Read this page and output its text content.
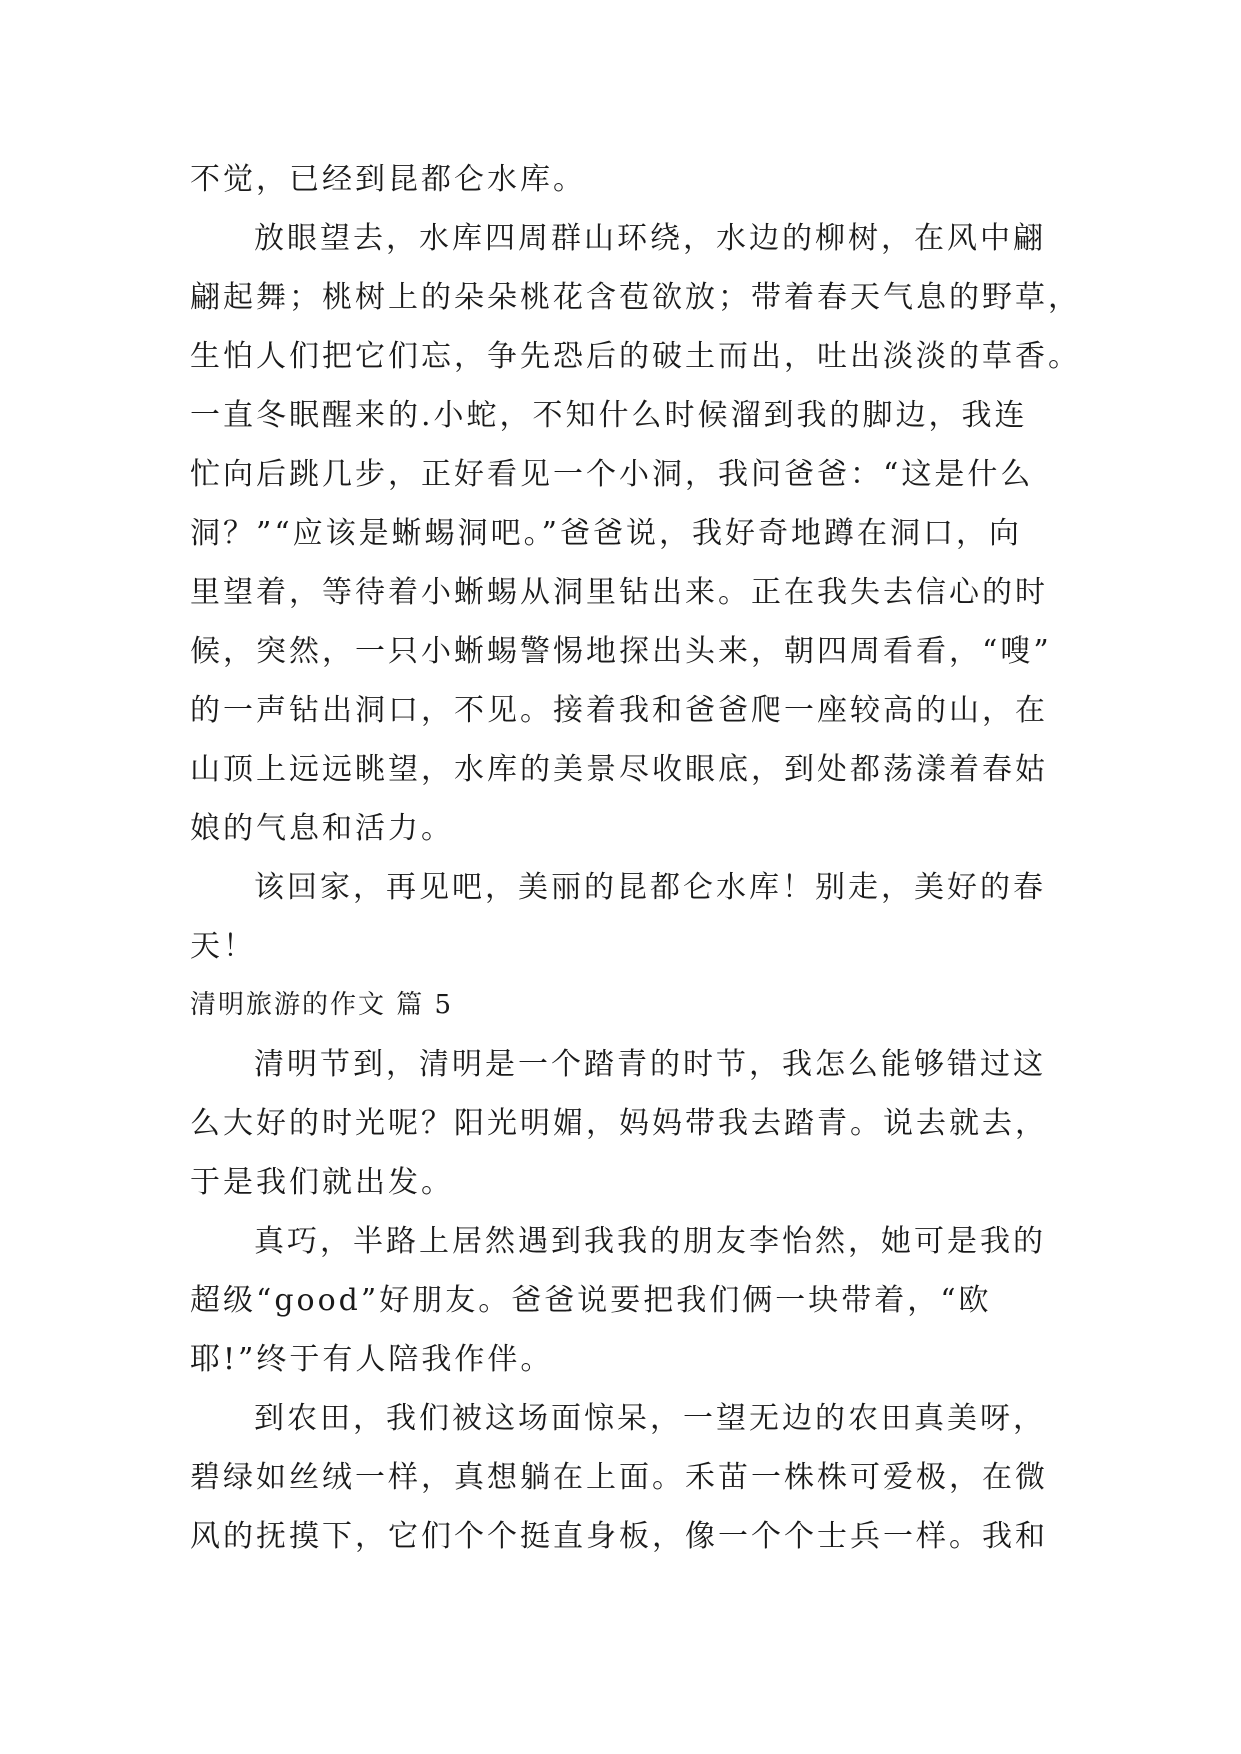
不觉，已经到昆都仑水库。
放眼望去，水库四周群山环绕，水边的柳树，在风中翩
翩起舞；桃树上的朵朵桃花含苞欲放；带着春天气息的野草，
生怕人们把它们忘，争先恐后的破土而出，吐出淡淡的草香。
一直冬眠醒来的.小蛇，不知什么时候溜到我的脚边，我连
忙向后跳几步，正好看见一个小洞，我问爸爸：“这是什么
洞？”“应该是蜥蜴洞吧。”爸爸说，我好奇地蹲在洞口，向
里望着，等待着小蜥蜴从洞里钻出来。正在我失去信心的时
候，突然，一只小蜥蜴警惕地探出头来，朝四周看看，“嗖”
的一声钻出洞口，不见。接着我和爸爸爬一座较高的山，在
山顶上远远眺望，水库的美景尽收眼底，到处都荡漾着春姑
娘的气息和活力。
该回家，再见吧，美丽的昆都仑水库！别走，美好的春
天！
清明旅游的作文 篇 5
清明节到，清明是一个踏青的时节，我怎么能够错过这
么大好的时光呢？阳光明媚，妈妈带我去踏青。说去就去，
于是我们就出发。
真巧，半路上居然遇到我我的朋友李怡然，她可是我的
超级“good”好朋友。爸爸说要把我们俩一块带着，“欧
耶!”终于有人陪我作伴。
到农田，我们被这场面惊呆，一望无边的农田真美呀，
碧绿如丝绒一样，真想躺在上面。禾苗一株株可爱极，在微
风的抚摸下，它们个个挺直身板，像一个个士兵一样。我和
